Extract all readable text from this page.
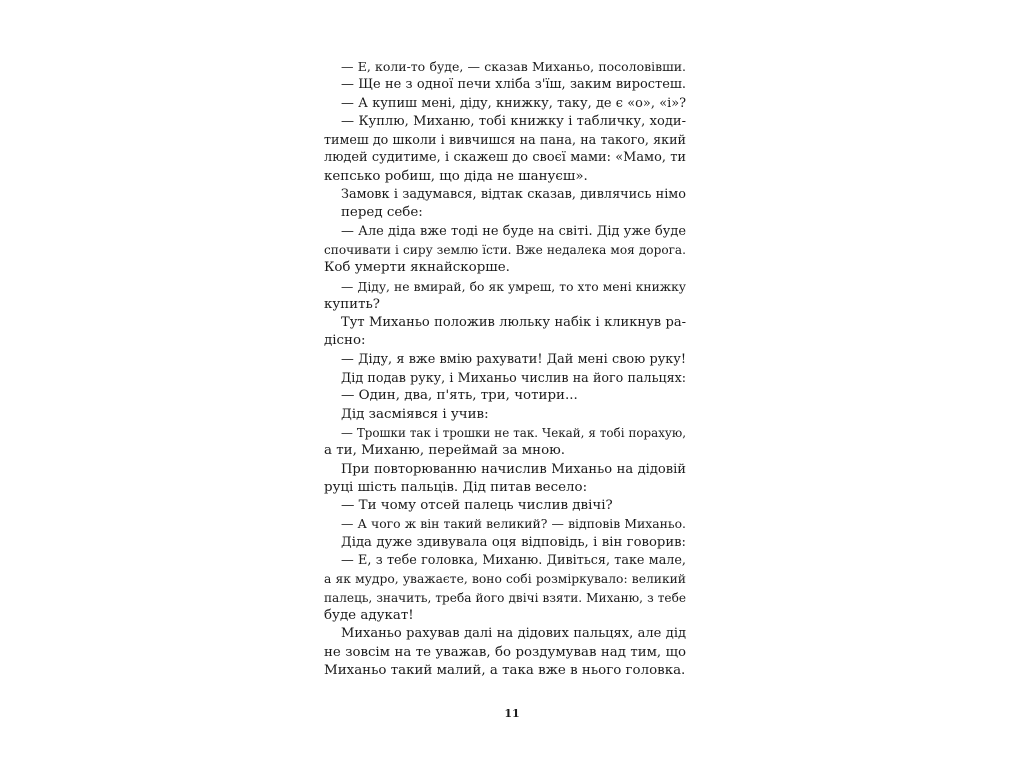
— Е, коли-то буде, — сказав Миханьо, посоловівши.
— Ще не з одної печи хліба з'їш, заким виростеш.
— А купиш мені, діду, книжку, таку, де є «о», «і»?
— Куплю, Миханю, тобі книжку і табличку, ходи-
тимеш до школи і вивчишся на пана, на такого, який
людей судитиме, і скажеш до своєї мами: «Мамо, ти
кепсько робиш, що діда не шануєш».
Замовк і задумався, відтак сказав, дивлячись німо
перед себе:
— Але діда вже тоді не буде на світі. Дід уже буде
спочивати і сиру землю їсти. Вже недалека моя дорога.
Коб умерти якнайскорше.
— Діду, не вмирай, бо як умреш, то хто мені книжку
купить?
Тут Миханьо положив люльку набік і кликнув ра-
дісно:
— Діду, я вже вмію рахувати! Дай мені свою руку!
Дід подав руку, і Миханьо числив на його пальцях:
— Один, два, п'ять, три, чотири...
Дід засміявся і учив:
— Трошки так і трошки не так. Чекай, я тобі порахую,
а ти, Миханю, переймай за мною.
При повторюванню начислив Миханьо на дідовій
руці шість пальців. Дід питав весело:
— Ти чому отсей палець числив двічі?
— А чого ж він такий великий? — відповів Миханьо.
Діда дуже здивувала оця відповідь, і він говорив:
— Е, з тебе головка, Миханю. Дивіться, таке мале,
а як мудро, уважаєте, воно собі розміркувало: великий
палець, значить, треба його двічі взяти. Миханю, з тебе
буде адукат!
Миханьо рахував далі на дідових пальцях, але дід
не зовсім на те уважав, бо роздумував над тим, що
Миханьо такий малий, а така вже в нього головка.
11
